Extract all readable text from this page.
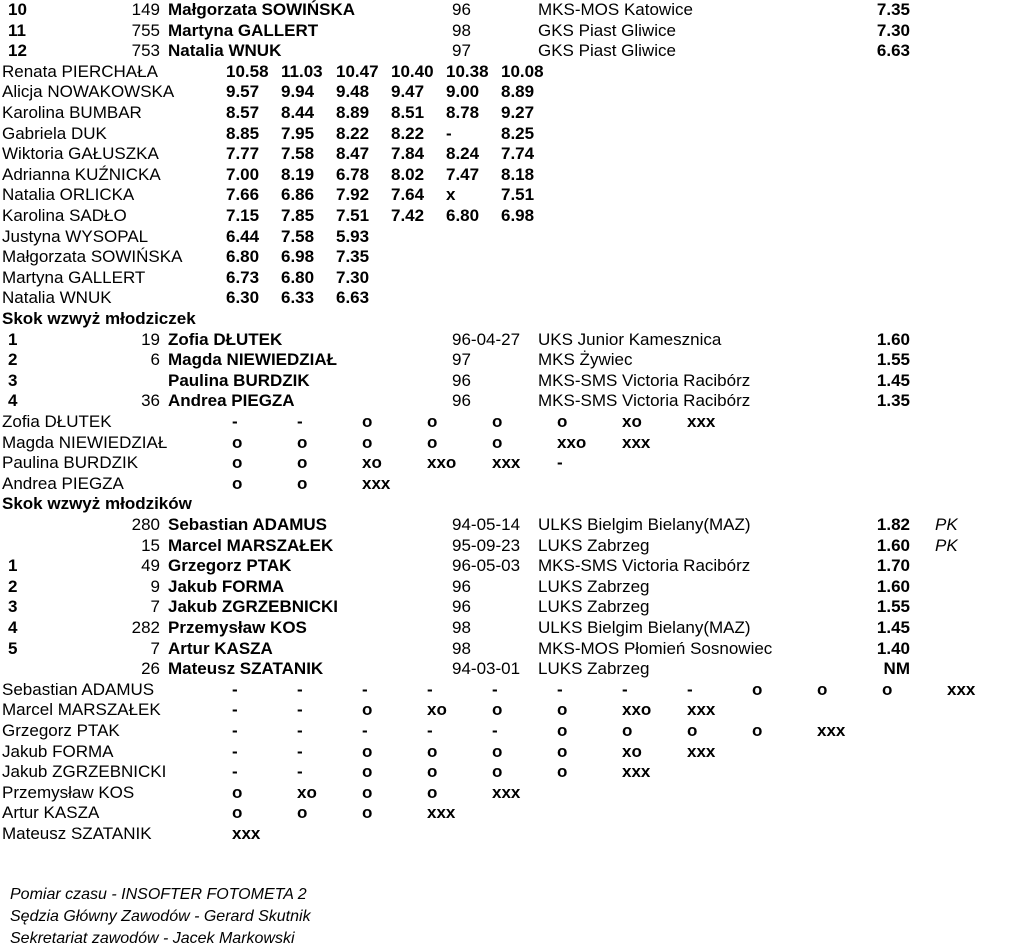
10	149 Małgorzata SOWIŃSKA	96	MKS-MOS Katowice	7.35
11	755 Martyna GALLERT	98	GKS Piast Gliwice	7.30
12	753 Natalia WNUK	97	GKS Piast Gliwice	6.63
Renata PIERCHAŁA	10.58 11.03 10.47 10.40 10.38 10.08
Alicja NOWAKOWSKA	9.57	9.94	9.48	9.47	9.00	8.89
Karolina BUMBAR	8.57	8.44	8.89	8.51	8.78	9.27
Gabriela DUK	8.85	7.95	8.22	8.22	-	8.25
Wiktoria GAŁUSZKA	7.77	7.58	8.47	7.84	8.24	7.74
Adrianna KUŹNICKA	7.00	8.19	6.78	8.02	7.47	8.18
Natalia ORLICKA	7.66	6.86	7.92	7.64	x	7.51
Karolina SADŁO	7.15	7.85	7.51	7.42	6.80	6.98
Justyna WYSOPAL	6.44	7.58	5.93
Małgorzata SOWIŃSKA	6.80	6.98	7.35
Martyna GALLERT	6.73	6.80	7.30
Natalia WNUK	6.30	6.33	6.63
Skok wzwyż młodziczek
1	19 Zofia DŁUTEK	96-04-27	UKS Junior Kamesznica	1.60
2	6 Magda NIEWIEDZIAŁ	97	MKS Żywiec	1.55
3	Paulina BURDZIK	96	MKS-SMS Victoria Racibórz	1.45
4	36 Andrea PIEGZA	96	MKS-SMS Victoria Racibórz	1.35
Zofia DŁUTEK	-	-	o	o	o	o	xo	xxx
Magda NIEWIEDZIAŁ	o	o	o	o	o	xxo	xxx
Paulina BURDZIK	o	o	xo	xxo	xxx	-
Andrea PIEGZA	o	o	xxx
Skok wzwyż młodzików
280 Sebastian ADAMUS	94-05-14	ULKS Bielgim Bielany(MAZ)	1.82 PK
15 Marcel MARSZAŁEK	95-09-23	LUKS Zabrzeg	1.60 PK
1	49 Grzegorz PTAK	96-05-03	MKS-SMS Victoria Racibórz	1.70
2	9 Jakub FORMA	96	LUKS Zabrzeg	1.60
3	7 Jakub ZGRZEBNICKI	96	LUKS Zabrzeg	1.55
4	282 Przemysław KOS	98	ULKS Bielgim Bielany(MAZ)	1.45
5	7 Artur KASZA	98	MKS-MOS Płomień Sosnowiec	1.40
26 Mateusz SZATANIK	94-03-01	LUKS Zabrzeg	NM
Sebastian ADAMUS	-	-	-	-	-	-	-	-	o	o	o	xxx
Marcel MARSZAŁEK	-	-	o	xo	o	o	xxo	xxx
Grzegorz PTAK	-	-	-	-	-	o	o	o	o	xxx
Jakub FORMA	-	-	o	o	o	o	xo	xxx
Jakub ZGRZEBNICKI	-	-	o	o	o	o	xxx
Przemysław KOS	o	xo	o	o	xxx
Artur KASZA	o	o	o	xxx
Mateusz SZATANIK	xxx
Pomiar czasu - INSOFTER FOTOMETA 2
Sędzia Główny Zawodów - Gerard Skutnik
Sekretariat zawodów - Jacek Markowski
